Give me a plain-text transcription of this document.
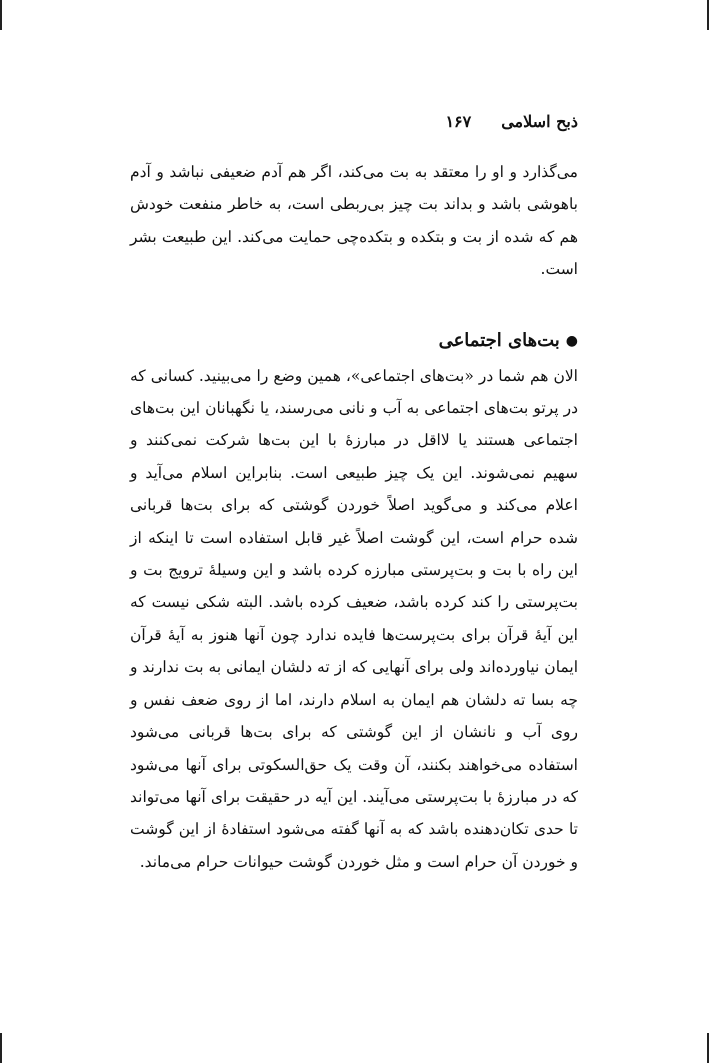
ذبح اسلامی
۱۶۷

می‌گذارد و او را معتقد به بت می‌کند، اگر هم آدم ضعیفی نباشد و آدم باهوشی باشد و بداند بت چیز بی‌ربطی است، به خاطر منفعت خودش هم که شده از بت و بتکده و بتکده‌چی حمایت می‌کند. این طبیعت بشر است.

●
بت‌های اجتماعی

الان هم شما در «بت‌های اجتماعی»، همین وضع را می‌بینید. کسانی که در پرتو بت‌های اجتماعی به آب و نانی می‌رسند، یا نگهبانان این بت‌های اجتماعی هستند یا لااقل در مبارزهٔ با این بت‌ها شرکت نمی‌کنند و سهیم نمی‌شوند. این یک چیز طبیعی است. بنابراین اسلام می‌آید و اعلام می‌کند و می‌گوید اصلاً خوردن گوشتی که برای بت‌ها قربانی شده حرام است، این گوشت اصلاً غیر قابل استفاده است تا اینکه از این راه با بت و بت‌پرستی مبارزه کرده باشد و این وسیلهٔ ترویج بت و بت‌پرستی را کند کرده باشد، ضعیف کرده باشد. البته شکی نیست که این آیهٔ قرآن برای بت‌پرست‌ها فایده ندارد چون آنها هنوز به آیهٔ قرآن ایمان نیاورده‌اند ولی برای آنهایی که از ته دلشان ایمانی به بت ندارند و چه بسا ته دلشان هم ایمان به اسلام دارند، اما از روی ضعف نفس و روی آب و نانشان از این گوشتی که برای بت‌ها قربانی می‌شود استفاده می‌خواهند بکنند، آن وقت یک حق‌السکوتی برای آنها می‌شود که در مبارزهٔ با بت‌پرستی می‌آیند. این آیه در حقیقت برای آنها می‌تواند تا حدی تکان‌دهنده باشد که به آنها گفته می‌شود استفادهٔ از این گوشت و خوردن آن حرام است و مثل خوردن گوشت حیوانات حرام می‌ماند.
